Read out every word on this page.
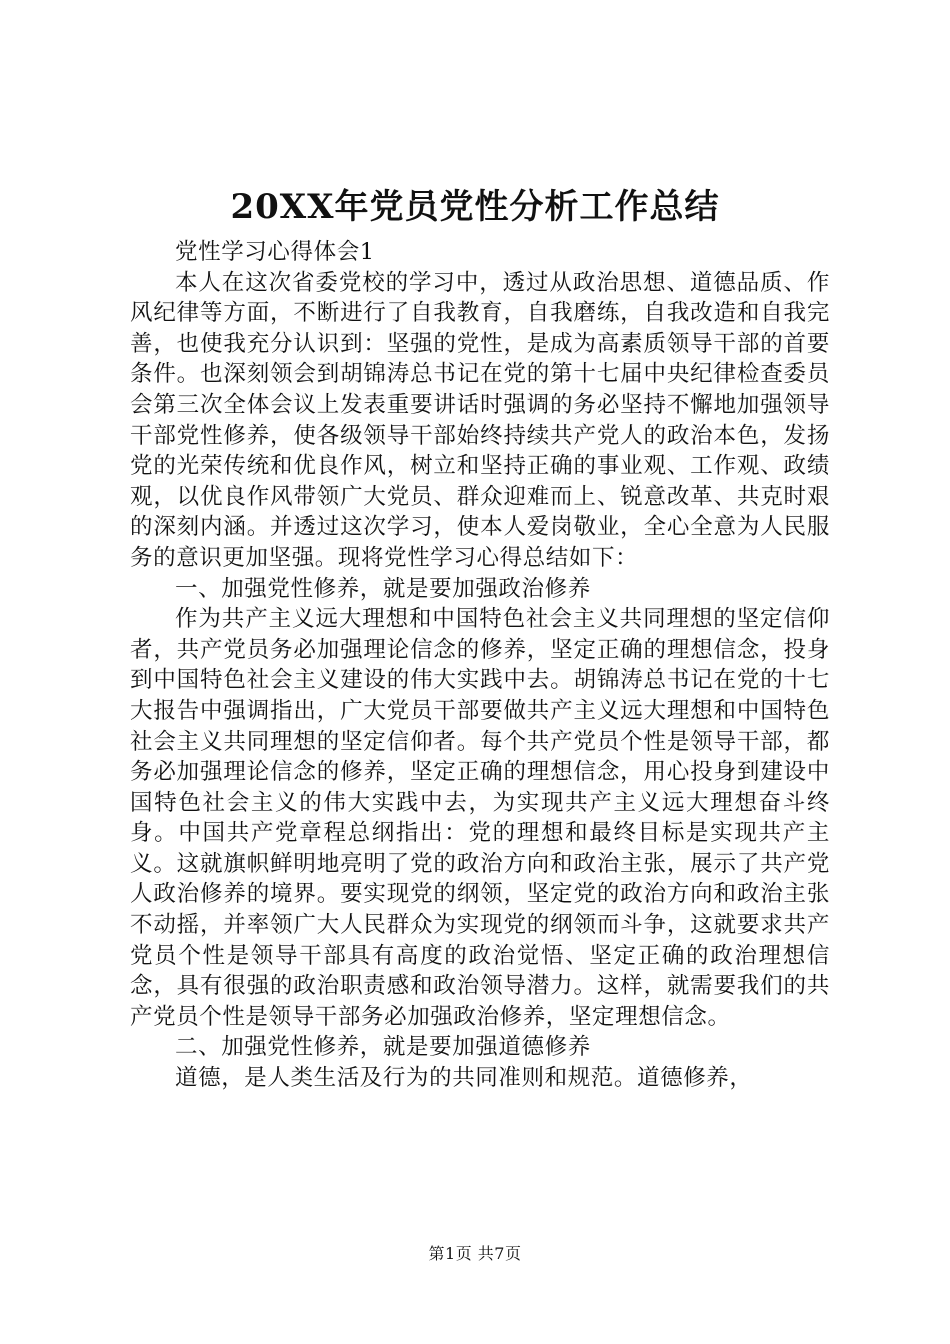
20XX年党员党性分析工作总结

党性学习心得体会1

本人在这次省委党校的学习中，透过从政治思想、道德品质、作风纪律等方面，不断进行了自我教育，自我磨练，自我改造和自我完善，也使我充分认识到：坚强的党性，是成为高素质领导干部的首要条件。也深刻领会到胡锦涛总书记在党的第十七届中央纪律检查委员会第三次全体会议上发表重要讲话时强调的务必坚持不懈地加强领导干部党性修养，使各级领导干部始终持续共产党人的政治本色，发扬党的光荣传统和优良作风，树立和坚持正确的事业观、工作观、政绩观，以优良作风带领广大党员、群众迎难而上、锐意改革、共克时艰的深刻内涵。并透过这次学习，使本人爱岗敬业，全心全意为人民服务的意识更加坚强。现将党性学习心得总结如下：

一、加强党性修养，就是要加强政治修养

作为共产主义远大理想和中国特色社会主义共同理想的坚定信仰者，共产党员务必加强理论信念的修养，坚定正确的理想信念，投身到中国特色社会主义建设的伟大实践中去。胡锦涛总书记在党的十七大报告中强调指出，广大党员干部要做共产主义远大理想和中国特色社会主义共同理想的坚定信仰者。每个共产党员个性是领导干部，都务必加强理论信念的修养，坚定正确的理想信念，用心投身到建设中国特色社会主义的伟大实践中去，为实现共产主义远大理想奋斗终身。中国共产党章程总纲指出：党的理想和最终目标是实现共产主义。这就旗帜鲜明地亮明了党的政治方向和政治主张，展示了共产党人政治修养的境界。要实现党的纲领，坚定党的政治方向和政治主张不动摇，并率领广大人民群众为实现党的纲领而斗争，这就要求共产党员个性是领导干部具有高度的政治觉悟、坚定正确的政治理想信念，具有很强的政治职责感和政治领导潜力。这样，就需要我们的共产党员个性是领导干部务必加强政治修养，坚定理想信念。

二、加强党性修养，就是要加强道德修养

道德，是人类生活及行为的共同准则和规范。道德修养，

第1页 共7页
